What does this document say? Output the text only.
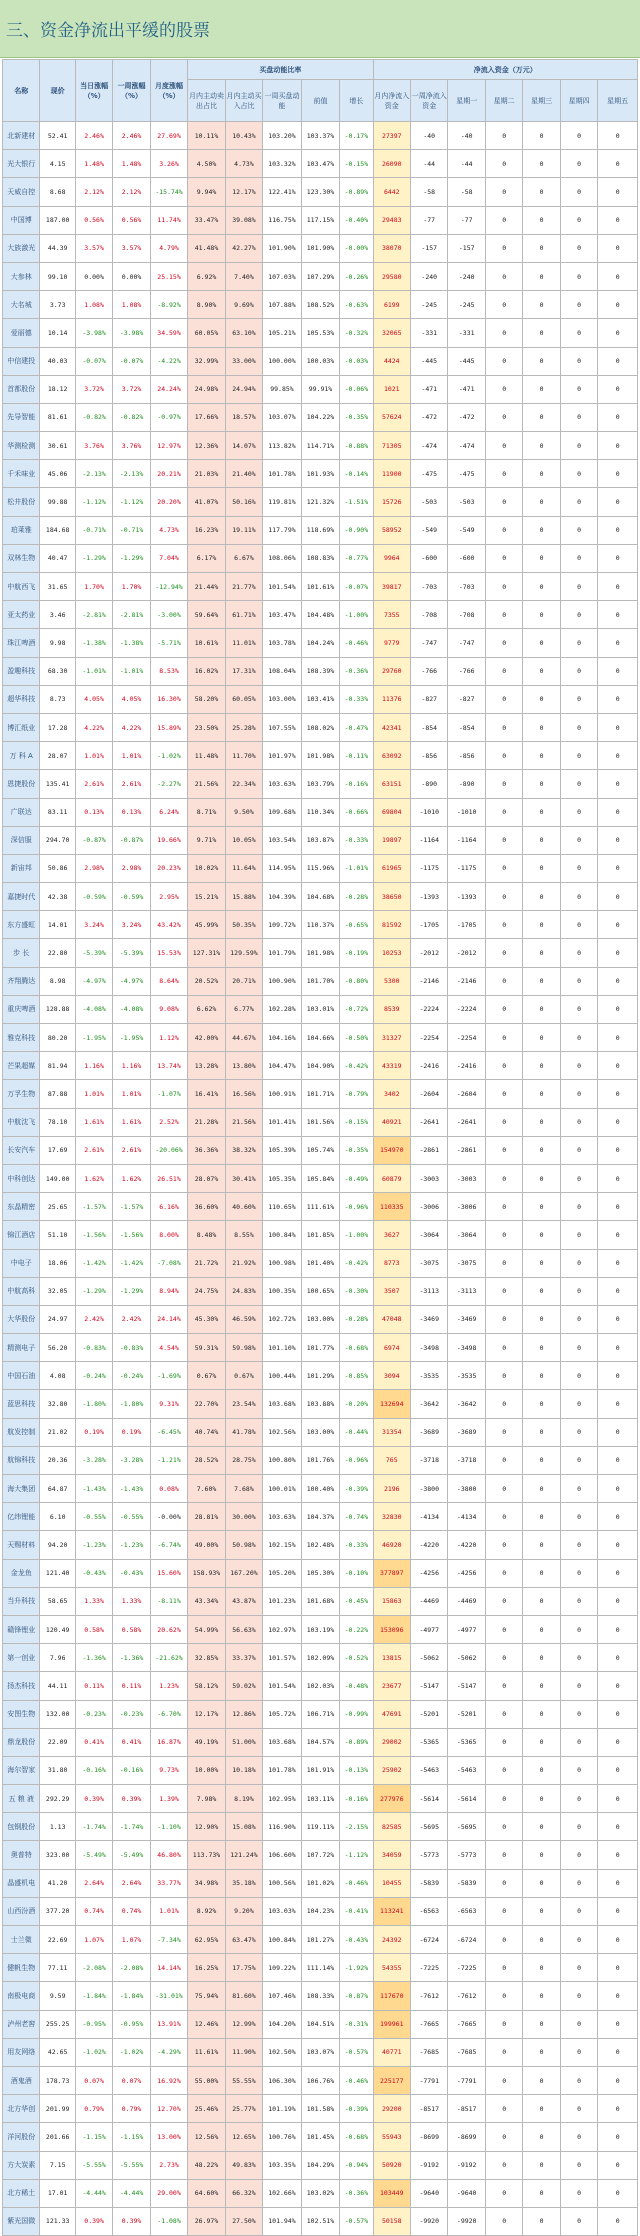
三、资金净流出平缓的股票
名称	现价	当日涨幅（%）	一周涨幅（%）	月度涨幅（%）	买盘动能比率					净流入资金（万元）						
					月内主动卖出占比	月内主动买入占比	一周买盘动能	前值	增长	月内净流入资金	一周净流入资金	星期一	星期二	星期三	星期四	星期五
北新建材	52.41	2.46%	2.46%	27.69%	10.11%	10.43%	103.20%	103.37%	-0.17%	27397	-40	-40	0	0	0	0
光大银行	4.15	1.48%	1.48%	3.26%	4.50%	4.73%	103.32%	103.47%	-0.15%	26090	-44	-44	0	0	0	0
天威自控	8.68	2.12%	2.12%	-15.74%	9.94%	12.17%	122.41%	123.30%	-0.89%	6442	-58	-58	0	0	0	0
中国博	187.00	0.56%	0.56%	11.74%	33.47%	39.08%	116.75%	117.15%	-0.40%	29483	-77	-77	0	0	0	0
大族激光	44.39	3.57%	3.57%	4.79%	41.48%	42.27%	101.90%	101.90%	-0.00%	38070	-157	-157	0	0	0	0
大参林	99.10	0.00%	0.00%	25.15%	6.92%	7.40%	107.03%	107.29%	-0.26%	29580	-240	-240	0	0	0	0
大名城	3.73	1.08%	1.08%	-8.92%	8.90%	9.69%	107.88%	108.52%	-0.63%	6199	-245	-245	0	0	0	0
爱丽德	10.14	-3.98%	-3.98%	34.59%	60.05%	63.10%	105.21%	105.53%	-0.32%	32065	-331	-331	0	0	0	0
中信建投	40.03	-0.07%	-0.07%	-4.22%	32.99%	33.00%	100.00%	100.03%	-0.03%	4424	-445	-445	0	0	0	0
首都股份	18.12	3.72%	3.72%	24.24%	24.98%	24.94%	99.85%	99.91%	-0.06%	1021	-471	-471	0	0	0	0
先导智能	81.61	-0.82%	-0.82%	-0.97%	17.66%	18.57%	103.07%	104.22%	-0.35%	57624	-472	-472	0	0	0	0
华测检测	30.61	3.76%	3.76%	12.97%	12.36%	14.07%	113.82%	114.71%	-0.88%	71305	-474	-474	0	0	0	0
千禾味业	45.06	-2.13%	-2.13%	20.21%	21.03%	21.40%	101.78%	101.93%	-0.14%	11900	-475	-475	0	0	0	0
松井股份	99.88	-1.12%	-1.12%	20.20%	41.07%	50.16%	119.81%	121.32%	-1.51%	15726	-503	-503	0	0	0	0
珀莱雅	184.68	-0.71%	-0.71%	4.73%	16.23%	19.11%	117.79%	118.69%	-0.90%	58952	-549	-549	0	0	0	0
双林生物	40.47	-1.29%	-1.29%	7.04%	6.17%	6.67%	108.06%	108.83%	-0.77%	9964	-600	-600	0	0	0	0
中航西飞	31.65	1.70%	1.70%	-12.94%	21.44%	21.77%	101.54%	101.61%	-0.07%	39817	-703	-703	0	0	0	0
亚太药业	3.46	-2.81%	-2.81%	-3.00%	59.64%	61.71%	103.47%	104.48%	-1.00%	7355	-708	-708	0	0	0	0
珠江啤酒	9.98	-1.38%	-1.38%	-5.71%	10.61%	11.01%	103.78%	104.24%	-0.46%	9779	-747	-747	0	0	0	0
盈趣科技	68.30	-1.01%	-1.01%	8.53%	16.02%	17.31%	108.04%	108.39%	-0.36%	29760	-766	-766	0	0	0	0
超华科技	8.73	4.05%	4.05%	16.30%	58.20%	60.05%	103.00%	103.41%	-0.33%	11376	-827	-827	0	0	0	0
博汇纸业	17.28	4.22%	4.22%	15.89%	23.50%	25.28%	107.55%	108.02%	-0.47%	42341	-854	-854	0	0	0	0
万 科 A	28.07	1.01%	1.01%	-1.02%	11.48%	11.70%	101.97%	101.98%	-0.11%	63092	-856	-856	0	0	0	0
恩捷股份	135.41	2.61%	2.61%	-2.27%	21.56%	22.34%	103.63%	103.79%	-0.16%	63151	-890	-890	0	0	0	0
广联达	83.11	0.13%	0.13%	6.24%	8.71%	9.50%	109.68%	110.34%	-0.66%	69804	-1010	-1010	0	0	0	0
深信服	294.70	-0.87%	-0.87%	19.66%	9.71%	10.05%	103.54%	103.87%	-0.33%	19897	-1164	-1164	0	0	0	0
新宙邦	50.86	2.98%	2.98%	20.23%	10.02%	11.64%	114.95%	115.96%	-1.01%	61965	-1175	-1175	0	0	0	0
嘉捷时代	42.38	-0.59%	-0.59%	2.95%	15.21%	15.88%	104.39%	104.68%	-0.28%	38650	-1393	-1393	0	0	0	0
东方盛虹	14.01	3.24%	3.24%	43.42%	45.99%	50.35%	109.72%	110.37%	-0.65%	81592	-1705	-1705	0	0	0	0
步 长	22.80	-5.39%	-5.39%	15.53%	127.31%	129.59%	101.79%	101.98%	-0.19%	10253	-2012	-2012	0	0	0	0
齐翔腾达	8.98	-4.97%	-4.97%	8.64%	20.52%	20.71%	100.90%	101.70%	-0.80%	5300	-2146	-2146	0	0	0	0
重庆啤酒	128.88	-4.08%	-4.08%	9.08%	6.62%	6.77%	102.28%	103.01%	-0.72%	8539	-2224	-2224	0	0	0	0
雅克科技	80.20	-1.95%	-1.95%	1.12%	42.00%	44.67%	104.16%	104.66%	-0.50%	31327	-2254	-2254	0	0	0	0
芒果超媒	81.94	1.16%	1.16%	13.74%	13.28%	13.80%	104.47%	104.90%	-0.42%	43319	-2416	-2416	0	0	0	0
万孚生物	87.88	1.01%	1.01%	-1.07%	16.41%	16.56%	100.91%	101.71%	-0.79%	3402	-2604	-2604	0	0	0	0
中航沈飞	78.10	1.61%	1.61%	2.52%	21.28%	21.56%	101.41%	101.56%	-0.15%	40921	-2641	-2641	0	0	0	0
长安汽车	17.69	2.61%	2.61%	-20.06%	36.36%	38.32%	105.39%	105.74%	-0.35%	154970	-2861	-2861	0	0	0	0
中科创达	149.00	1.62%	1.62%	26.51%	28.07%	30.41%	105.35%	105.84%	-0.49%	60879	-3003	-3003	0	0	0	0
东晶精密	25.65	-1.57%	-1.57%	6.16%	36.60%	40.60%	110.65%	111.61%	-0.96%	110335	-3006	-3006	0	0	0	0
锦江酒店	51.10	-1.56%	-1.56%	8.00%	8.48%	8.55%	100.84%	101.85%	-1.00%	3627	-3064	-3064	0	0	0	0
中电子	18.06	-1.42%	-1.42%	-7.08%	21.72%	21.92%	100.98%	101.40%	-0.42%	8773	-3075	-3075	0	0	0	0
中航高科	32.05	-1.29%	-1.29%	8.94%	24.75%	24.83%	100.35%	100.65%	-0.30%	3507	-3113	-3113	0	0	0	0
大华股份	24.97	2.42%	2.42%	24.14%	45.30%	46.59%	102.72%	103.00%	-0.28%	47048	-3469	-3469	0	0	0	0
精测电子	56.20	-0.83%	-0.83%	4.54%	59.31%	59.98%	101.10%	101.77%	-0.68%	6974	-3498	-3498	0	0	0	0
中国石油	4.08	-0.24%	-0.24%	-1.69%	0.67%	0.67%	100.44%	101.29%	-0.85%	3094	-3535	-3535	0	0	0	0
蓝思科技	32.80	-1.80%	-1.80%	9.31%	22.70%	23.54%	103.68%	103.88%	-0.20%	132694	-3642	-3642	0	0	0	0
航发控制	21.02	0.19%	0.19%	-6.45%	40.74%	41.78%	102.56%	103.00%	-0.44%	31354	-3689	-3689	0	0	0	0
航锦科技	20.36	-3.28%	-3.28%	-1.21%	28.52%	28.75%	100.80%	101.76%	-0.96%	765	-3718	-3718	0	0	0	0
海大集团	64.87	-1.43%	-1.43%	0.08%	7.60%	7.68%	100.01%	100.40%	-0.39%	2196	-3800	-3800	0	0	0	0
亿纬锂能	6.10	-0.55%	-0.55%	-0.00%	28.81%	30.00%	103.63%	104.37%	-0.74%	32830	-4134	-4134	0	0	0	0
天赐材料	94.20	-1.23%	-1.23%	-6.74%	49.00%	50.98%	102.15%	102.48%	-0.33%	46920	-4220	-4220	0	0	0	0
金龙鱼	121.40	-0.43%	-0.43%	15.60%	158.93%	167.20%	105.20%	105.30%	-0.10%	377897	-4256	-4256	0	0	0	0
当升科技	58.65	1.33%	1.33%	-8.11%	43.34%	43.87%	101.23%	101.68%	-0.45%	15863	-4469	-4469	0	0	0	0
赣锋锂业	120.49	0.58%	0.58%	20.62%	54.99%	56.63%	102.97%	103.19%	-0.22%	153096	-4977	-4977	0	0	0	0
第一创业	7.96	-1.36%	-1.36%	-21.62%	32.85%	33.37%	101.57%	102.09%	-0.52%	13815	-5062	-5062	0	0	0	0
扬杰科技	44.11	0.11%	0.11%	1.23%	58.12%	59.02%	101.54%	102.03%	-0.48%	23677	-5147	-5147	0	0	0	0
安图生物	132.00	-0.23%	-0.23%	-6.70%	12.17%	12.86%	105.72%	106.71%	-0.99%	47691	-5201	-5201	0	0	0	0
鼎龙股份	22.09	0.41%	0.41%	16.87%	49.19%	51.00%	103.68%	104.57%	-0.89%	29002	-5365	-5365	0	0	0	0
海尔智家	31.80	-0.16%	-0.16%	9.73%	10.00%	10.18%	101.78%	101.91%	-0.13%	25902	-5463	-5463	0	0	0	0
五 粮 液	292.29	0.39%	0.39%	1.39%	7.98%	8.19%	102.95%	103.11%	-0.16%	277976	-5614	-5614	0	0	0	0
包钢股份	1.13	-1.74%	-1.74%	-1.10%	12.90%	15.08%	116.90%	119.11%	-2.15%	82585	-5695	-5695	0	0	0	0
奥普特	323.00	-5.49%	-5.49%	46.80%	113.73%	121.24%	106.60%	107.72%	-1.12%	34059	-5773	-5773	0	0	0	0
晶盛机电	41.20	2.64%	2.64%	33.77%	34.98%	35.18%	100.56%	101.02%	-0.46%	10455	-5839	-5839	0	0	0	0
山西汾酒	377.20	0.74%	0.74%	1.01%	8.92%	9.20%	103.03%	104.23%	-0.41%	113241	-6563	-6563	0	0	0	0
士兰微	22.69	1.07%	1.07%	-7.34%	62.95%	63.47%	100.84%	101.27%	-0.43%	24392	-6724	-6724	0	0	0	0
健帆生物	77.11	-2.08%	-2.08%	14.14%	16.25%	17.75%	109.22%	111.14%	-1.92%	54355	-7225	-7225	0	0	0	0
南极电商	9.59	-1.84%	-1.84%	-31.01%	75.94%	81.60%	107.46%	108.33%	-0.87%	117670	-7612	-7612	0	0	0	0
泸州老窖	255.25	-0.95%	-0.95%	13.91%	12.46%	12.99%	104.20%	104.51%	-0.31%	199961	-7665	-7665	0	0	0	0
用友网络	42.65	-1.02%	-1.02%	-4.29%	11.61%	11.90%	102.50%	103.07%	-0.57%	40771	-7685	-7685	0	0	0	0
酒鬼酒	178.73	0.07%	0.07%	16.92%	55.00%	55.55%	106.30%	106.76%	-0.46%	225177	-7791	-7791	0	0	0	0
北方华创	201.99	0.79%	0.79%	12.70%	25.46%	25.77%	101.19%	101.58%	-0.39%	29200	-8517	-8517	0	0	0	0
洋河股份	201.66	-1.15%	-1.15%	13.00%	12.56%	12.65%	100.76%	101.45%	-0.68%	55943	-8699	-8699	0	0	0	0
方大炭素	7.15	-5.55%	-5.55%	2.73%	48.22%	49.83%	103.35%	104.29%	-0.94%	50920	-9192	-9192	0	0	0	0
北方稀土	17.01	-4.44%	-4.44%	29.00%	64.60%	66.32%	102.66%	103.02%	-0.36%	103449	-9640	-9640	0	0	0	0
紫光国微	121.33	0.39%	0.39%	-1.08%	26.97%	27.50%	101.94%	102.51%	-0.57%	50158	-9920	-9920	0	0	0	0
